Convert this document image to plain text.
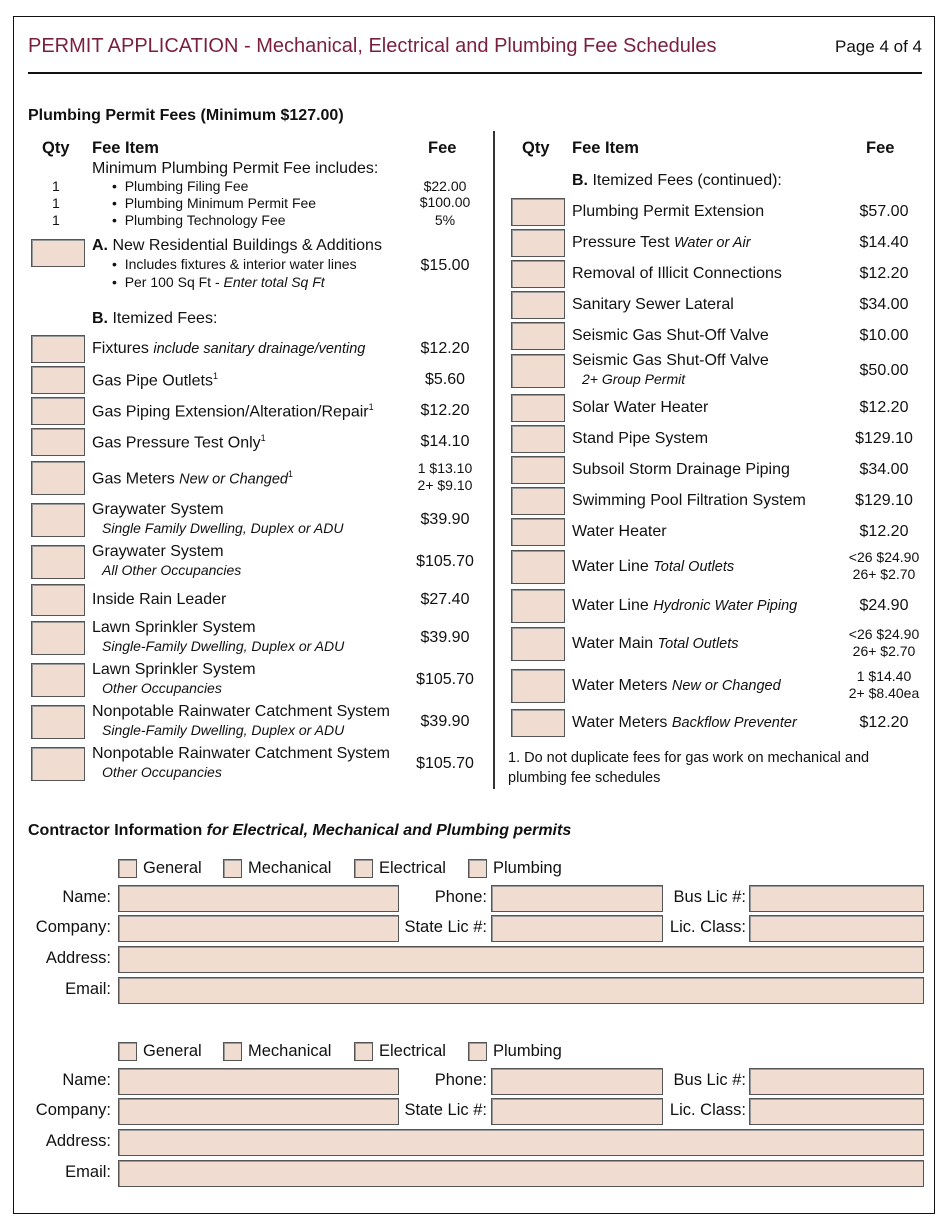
PERMIT APPLICATION - Mechanical, Electrical and Plumbing Fee Schedules	Page 4 of 4
Plumbing Permit Fees (Minimum $127.00)
Qty Fee Item	Fee
Minimum Plumbing Permit Fee includes:
1	•  Plumbing Filing Fee	$22.00
1	•  Plumbing Minimum Permit Fee	$100.00
1	•  Plumbing Technology Fee	5%
A. New Residential Buildings & Additions
•  Includes fixtures & interior water lines
•  Per 100 Sq Ft - Enter total Sq Ft
$15.00
B. Itemized Fees:
Fixtures include sanitary drainage/venting	$12.20
Gas Pipe Outlets$^1$	$5.60
Gas Piping Extension/Alteration/Repair$^1$	$12.20
Gas Pressure Test Only$^1$	$14.10
Gas Meters New or Changed$^1$	1 $13.10
2+ $9.10
Graywater System
Single Family Dwelling, Duplex or ADU	$39.90
Graywater System
All Other Occupancies	$105.70
Inside Rain Leader	$27.40
Lawn Sprinkler System
Single-Family Dwelling, Duplex or ADU	$39.90
Lawn Sprinkler System
Other Occupancies	$105.70
Nonpotable Rainwater Catchment System
Single-Family Dwelling, Duplex or ADU	$39.90
Nonpotable Rainwater Catchment System
Other Occupancies	$105.70
Qty Fee Item	Fee
B. Itemized Fees (continued):
Plumbing Permit Extension	$57.00
Pressure Test Water or Air	$14.40
Removal of Illicit Connections	$12.20
Sanitary Sewer Lateral	$34.00
Seismic Gas Shut-Off Valve	$10.00
Seismic Gas Shut-Off Valve
2+ Group Permit	$50.00
Solar Water Heater	$12.20
Stand Pipe System	$129.10
Subsoil Storm Drainage Piping	$34.00
Swimming Pool Filtration System	$129.10
Water Heater	$12.20
Water Line Total Outlets
<26 $24.90
26+ $2.70
Water Line Hydronic Water Piping	$24.90
Water Main Total Outlets
<26 $24.90
26+ $2.70
Water Meters New or Changed
1 $14.40
2+ $8.40ea
Water Meters Backflow Preventer	$12.20
1. Do not duplicate fees for gas work on mechanical and
plumbing fee schedules
Contractor Information for Electrical, Mechanical and Plumbing permits
General	Mechanical	Electrical	Plumbing
Name:	Phone:	Bus Lic #:
Company:	State Lic #:	Lic. Class:
Address:
Email:
General	Mechanical	Electrical	Plumbing
Name:	Phone:	Bus Lic #:
Company:	State Lic #:	Lic. Class:
Address:
Email:
